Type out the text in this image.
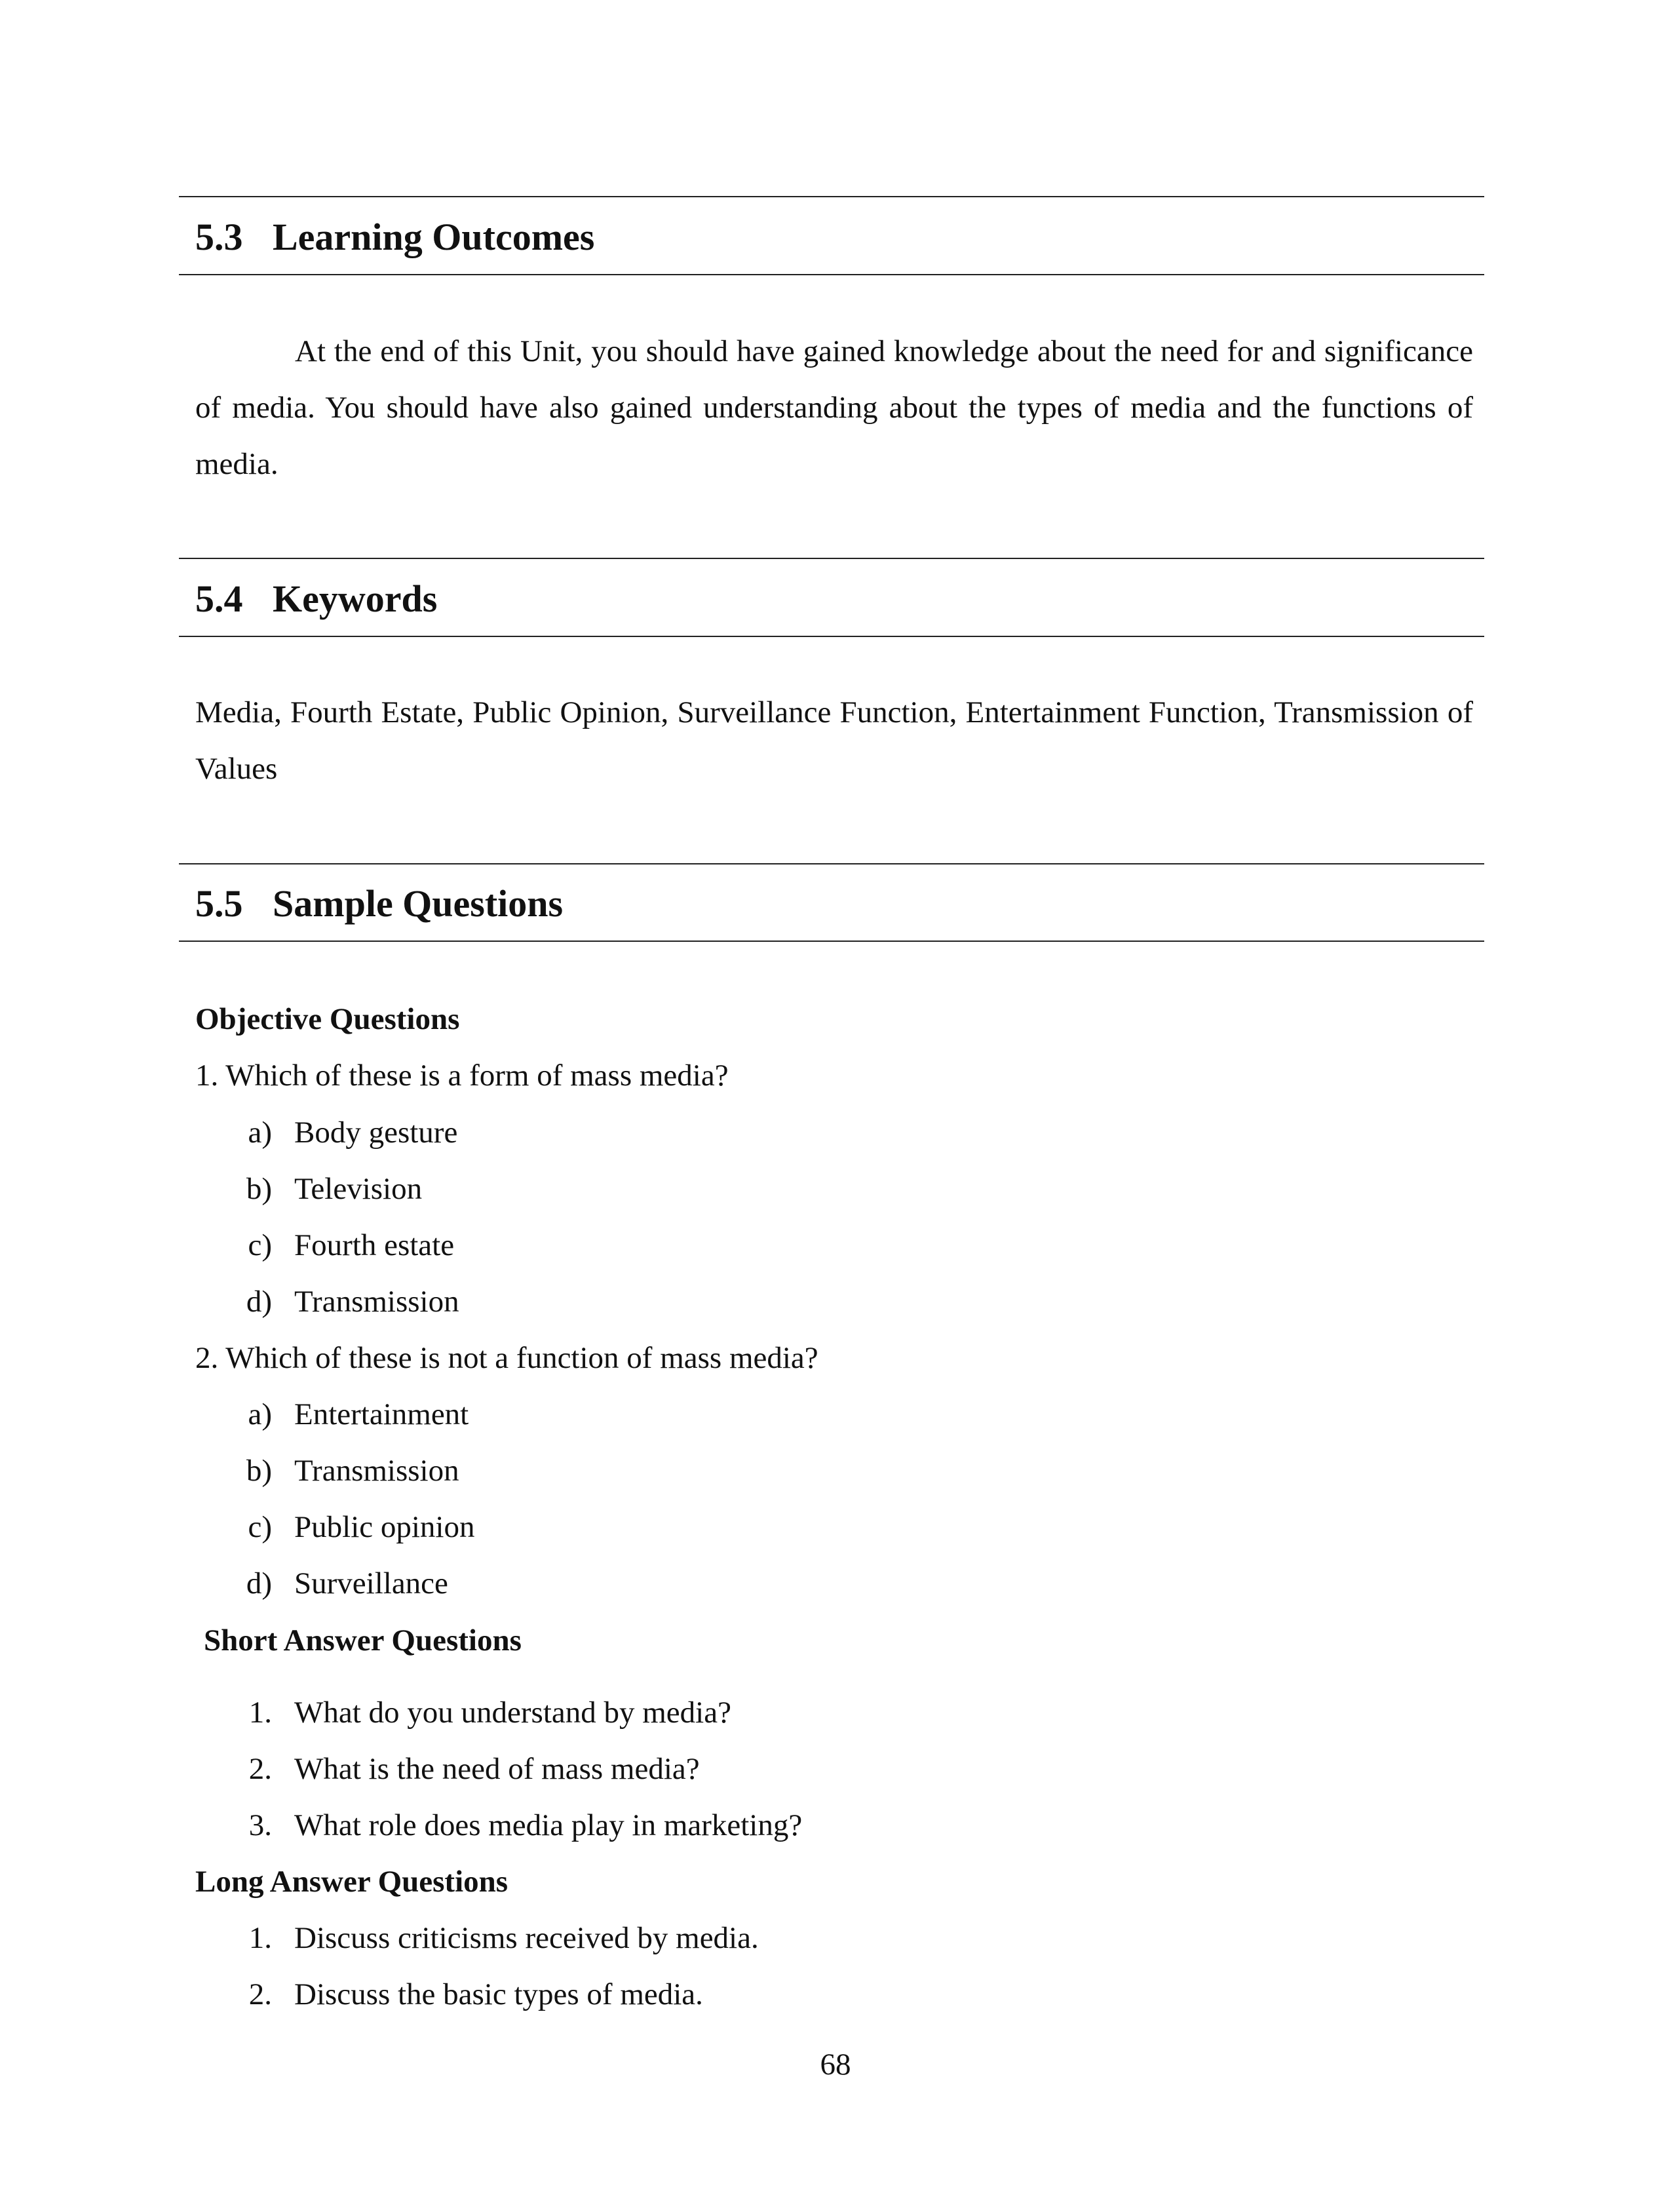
5.3 Learning Outcomes
At the end of this Unit, you should have gained knowledge about the need for and significance of media. You should have also gained understanding about the types of media and the functions of media.
5.4 Keywords
Media, Fourth Estate, Public Opinion, Surveillance Function, Entertainment Function, Transmission of Values
5.5 Sample Questions
Objective Questions
1. Which of these is a form of mass media?
a) Body gesture
b) Television
c) Fourth estate
d) Transmission
2. Which of these is not a function of mass media?
a) Entertainment
b) Transmission
c) Public opinion
d) Surveillance
Short Answer Questions
1. What do you understand by media?
2. What is the need of mass media?
3. What role does media play in marketing?
Long Answer Questions
1. Discuss criticisms received by media.
2. Discuss the basic types of media.
68
